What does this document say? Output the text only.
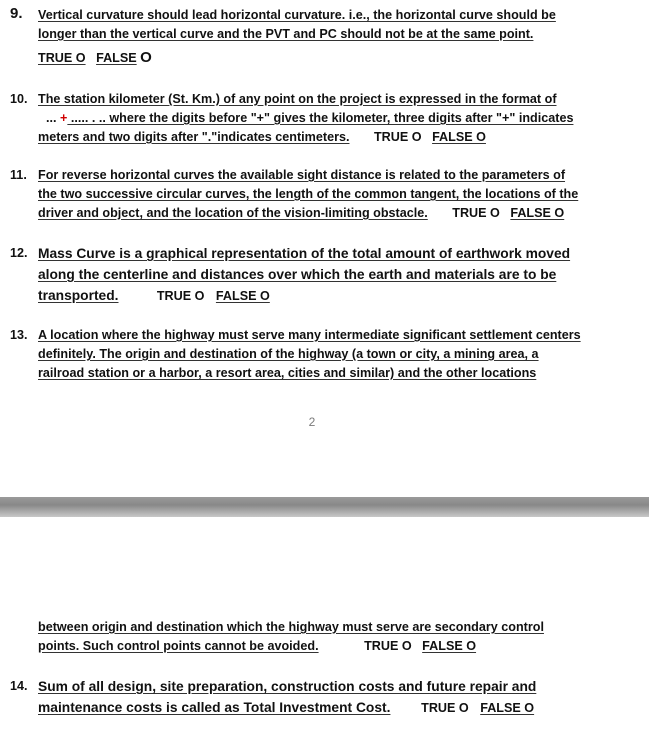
9. Vertical curvature should lead horizontal curvature. i.e., the horizontal curve should be
longer than the vertical curve and the PVT and PC should not be at the same point.
TRUE O FALSE O
10. The station kilometer (St. Km.) of any point on the project is expressed in the format of
... + ..... . .. where the digits before "+" gives the kilometer, three digits after "+" indicates
meters and two digits after "."indicates centimeters. TRUE O FALSE O
11. For reverse horizontal curves the available sight distance is related to the parameters of
the two successive circular curves, the length of the common tangent, the locations of the
driver and object, and the location of the vision-limiting obstacle. TRUE O FALSE O
12. Mass Curve is a graphical representation of the total amount of earthwork moved
along the centerline and distances over which the earth and materials are to be
transported.	TRUE O FALSE O
13. A location where the highway must serve many intermediate significant settlement centers
definitely. The origin and destination of the highway (a town or city, a mining area, a
railroad station or a harbor, a resort area, cities and similar) and the other locations
2
between origin and destination which the highway must serve are secondary control
points. Such control points cannot be avoided.	TRUE O FALSE O
14. Sum of all design, site preparation, construction costs and future repair and
maintenance costs is called as Total Investment Cost. TRUE O FALSE O
